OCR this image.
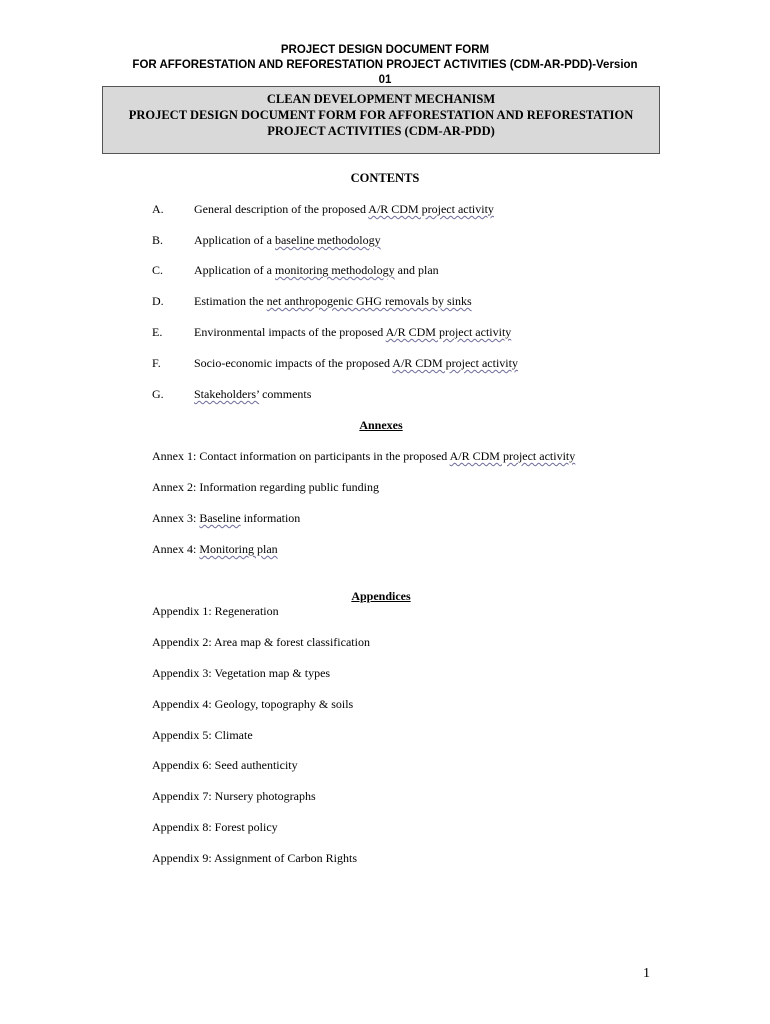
PROJECT DESIGN DOCUMENT FORM
FOR AFFORESTATION AND REFORESTATION PROJECT ACTIVITIES (CDM-AR-PDD)-Version
01
CLEAN DEVELOPMENT MECHANISM
PROJECT DESIGN DOCUMENT FORM FOR AFFORESTATION AND REFORESTATION
PROJECT ACTIVITIES (CDM-AR-PDD)
CONTENTS
A.	General description of the proposed A/R CDM project activity
B.	Application of a baseline methodology
C.	Application of a monitoring methodology and plan
D.	Estimation the net anthropogenic GHG removals by sinks
E.	Environmental impacts of the proposed A/R CDM project activity
F.	Socio-economic impacts of the proposed A/R CDM project activity
G.	Stakeholders’ comments
Annexes
Annex 1: Contact information on participants in the proposed A/R CDM project activity
Annex 2: Information regarding public funding
Annex 3: Baseline information
Annex 4: Monitoring plan
Appendices
Appendix 1: Regeneration
Appendix 2: Area map & forest classification
Appendix 3: Vegetation map & types
Appendix 4: Geology, topography & soils
Appendix 5: Climate
Appendix 6: Seed authenticity
Appendix 7: Nursery photographs
Appendix 8: Forest policy
Appendix 9: Assignment of Carbon Rights
1
